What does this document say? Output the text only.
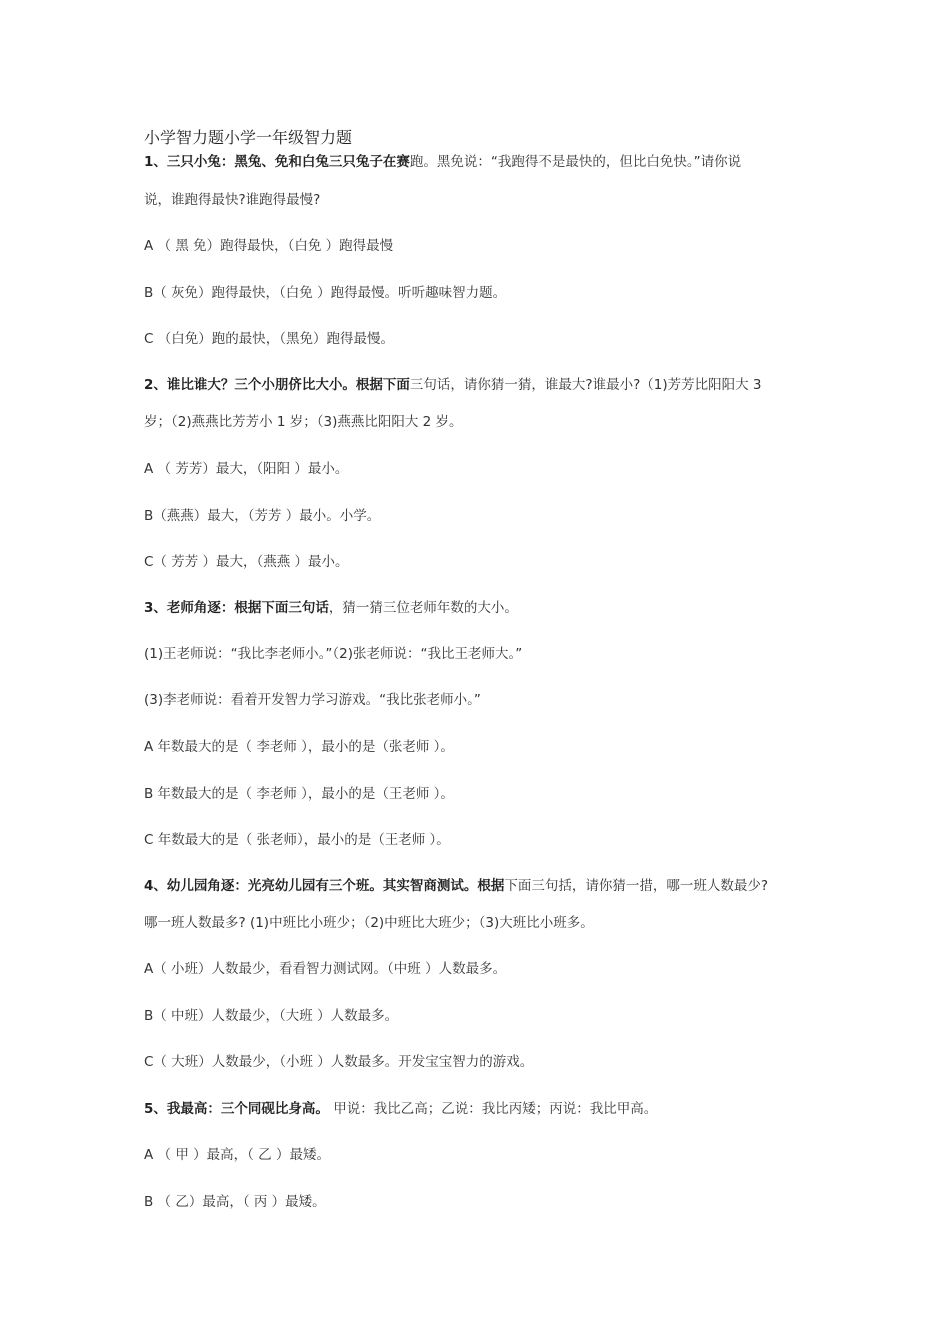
小学智力题小学一年级智力题
1、三只小兔：黑兔、免和白兔三只兔子在赛跑。黑免说：“我跑得不是最快的，但比白免快。”请你说
说，谁跑得最快?谁跑得最慢?
A （ 黑 免）跑得最快，（白免 ）跑得最慢
B（ 灰免）跑得最快，（白免 ）跑得最慢。听听趣味智力题。
C （白免）跑的最快，（黑免）跑得最慢。
2、谁比谁大？三个小朋侪比大小。根据下面三句话，请你猜一猜，谁最大?谁最小?（1)芳芳比阳阳大 3
岁；（2)燕燕比芳芳小 1 岁；（3)燕燕比阳阳大 2 岁。
A （ 芳芳）最大，（阳阳 ）最小。
B（燕燕）最大，（芳芳 ）最小。小学。
C（ 芳芳 ）最大，（燕燕 ）最小。
3、老师角逐：根据下面三句话，猜一猜三位老师年数的大小。
(1)王老师说：“我比李老师小。”（2)张老师说：“我比王老师大。”
(3)李老师说：看着开发智力学习游戏。“我比张老师小。”
A 年数最大的是（ 李老师 ），最小的是（张老师 ）。
B 年数最大的是（ 李老师 ），最小的是（王老师 ）。
C 年数最大的是（ 张老师），最小的是（王老师 ）。
4、幼儿园角逐：光亮幼儿园有三个班。其实智商测试。根据下面三句括，请你猜一措，哪一班人数最少?
哪一班人数最多? (1)中班比小班少；（2)中班比大班少；（3)大班比小班多。
A（ 小班）人数最少，看看智力测试网。（中班 ）人数最多。
B（ 中班）人数最少，（大班 ）人数最多。
C（ 大班）人数最少，（小班 ）人数最多。开发宝宝智力的游戏。
5、我最高：三个同砚比身高。 甲说：我比乙高；乙说：我比丙矮；丙说：我比甲高。
A （ 甲 ）最高，（ 乙 ）最矮。
B （ 乙）最高，（ 丙 ）最矮。
